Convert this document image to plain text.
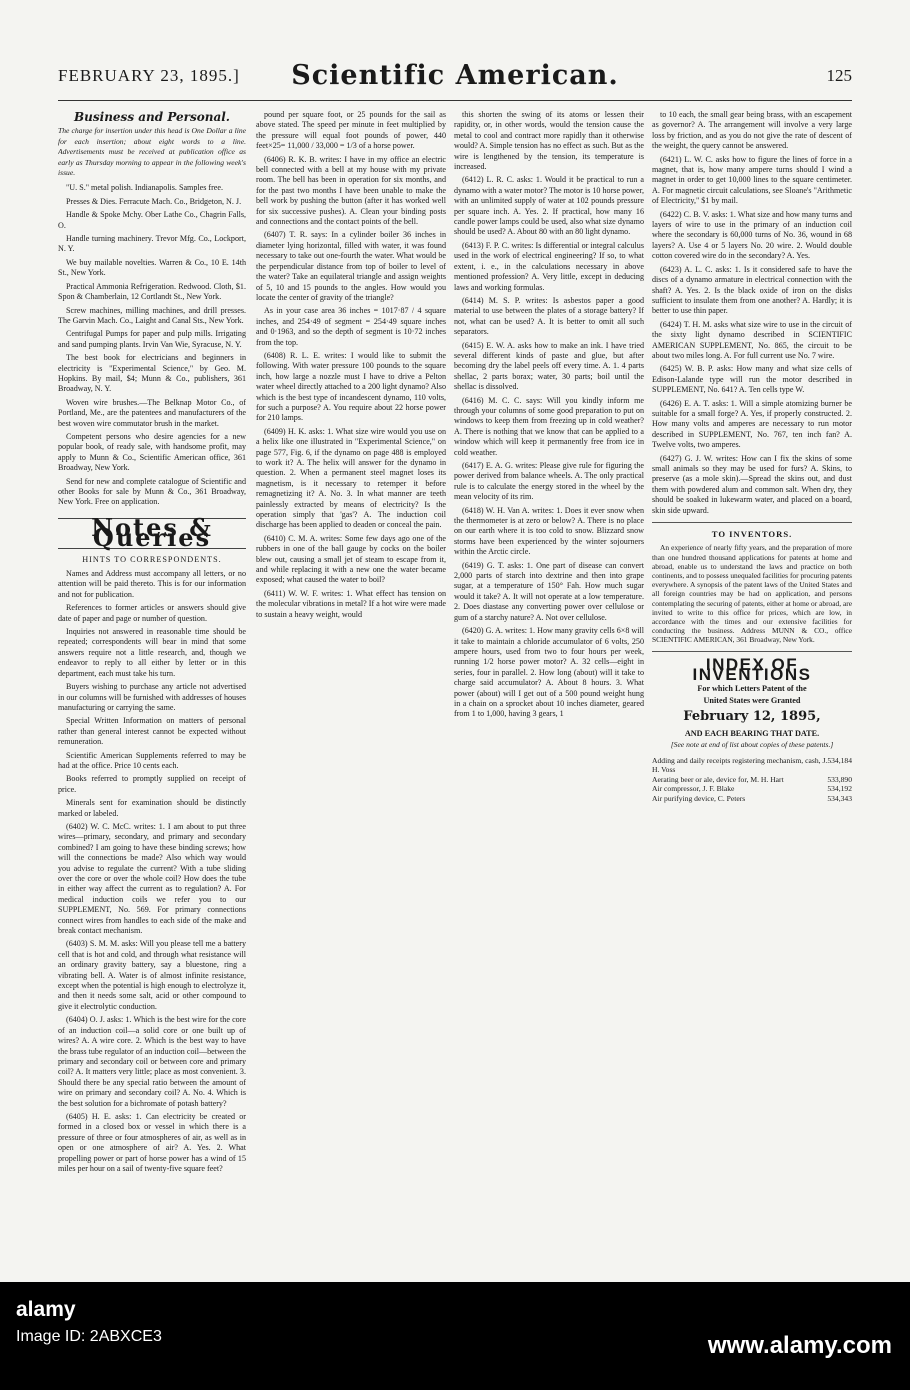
FEBRUARY 23, 1895.]	Scientific American.	125
Business and Personal.
The charge for insertion under this head is One Dollar a line for each insertion; about eight words to a line. Advertisements must be received at publication office as early as Thursday morning to appear in the following week's issue.

"U. S." metal polish. Indianapolis. Samples free.

Presses & Dies. Ferracute Mach. Co., Bridgeton, N. J.

Handle & Spoke Mchy. Ober Lathe Co., Chagrin Falls, O.

Handle turning machinery. Trevor Mfg. Co., Lockport, N. Y.

We buy mailable novelties. Warren & Co., 10 E. 14th St., New York.

Practical Ammonia Refrigeration. Redwood. Cloth, $1. Spon & Chamberlain, 12 Cortlandt St., New York.

Screw machines, milling machines, and drill presses. The Garvin Mach. Co., Laight and Canal Sts., New York.

Centrifugal Pumps for paper and pulp mills. Irrigating and sand pumping plants. Irvin Van Wie, Syracuse, N. Y.

The best book for electricians and beginners in electricity is "Experimental Science," by Geo. M. Hopkins. By mail, $4; Munn & Co., publishers, 361 Broadway, N. Y.

Woven wire brushes.—The Belknap Motor Co., of Portland, Me., are the patentees and manufacturers of the best woven wire commutator brush in the market.

Competent persons who desire agencies for a new popular book, of ready sale, with handsome profit, may apply to Munn & Co., Scientific American office, 361 Broadway, New York.

Send for new and complete catalogue of Scientific and other Books for sale by Munn & Co., 361 Broadway, New York. Free on application.

Notes & Queries
HINTS TO CORRESPONDENTS.

Names and Address must accompany all letters, or no attention will be paid thereto. This is for our information and not for publication.

References to former articles or answers should give date of paper and page or number of question.

Inquiries not answered in reasonable time should be repeated; correspondents will bear in mind that some answers require not a little research, and, though we endeavor to reply to all either by letter or in this department, each must take his turn.

Buyers wishing to purchase any article not advertised in our columns will be furnished with addresses of houses manufacturing or carrying the same.

Special Written Information on matters of personal rather than general interest cannot be expected without remuneration.

Scientific American Supplements referred to may be had at the office. Price 10 cents each.

Books referred to promptly supplied on receipt of price.

Minerals sent for examination should be distinctly marked or labeled.

(6402) W. C. McC. writes: 1. I am about to put three wires—primary, secondary, and primary and secondary combined? I am going to have these binding screws; how will the connections be made? Also which way would you advise to regulate the current? With a tube sliding over the core or over the whole coil? How does the tube in either way affect the current as to regulation? A. For medical induction coils we refer you to our SUPPLEMENT, No. 569. For primary connections connect wires from handles to each side of the make and break contact mechanism.

(6403) S. M. M. asks: Will you please tell me a battery cell that is hot and cold, and through what resistance will an ordinary gravity battery, say a bluestone, ring a vibrating bell. A. Water is of almost infinite resistance, except when the potential is high enough to electrolyze it, and then it needs some salt, acid or other compound to give it electrolytic conduction.

(6404) O. J. asks: 1. Which is the best wire for the core of an induction coil—a solid core or one built up of wires? A. A wire core. 2. Which is the best way to have the brass tube regulator of an induction coil—between the primary and secondary coil or between core and primary coil? A. It matters very little; place as most convenient. 3. Should there be any special ratio between the amount of wire on primary and secondary coil? A. No. 4. Which is the best solution for a bichromate of potash battery?

(6405) H. E. asks: 1. Can electricity be created or formed in a closed box or vessel in which there is a pressure of three or four atmospheres of air, as well as in open or one atmosphere of air? A. Yes. 2. What propelling power or part of horse power has a wind of 15 miles per hour on a sail of twenty-five square feet?

pound per square foot, or 25 pounds for the sail as above stated. The speed per minute in feet multiplied by the pressure will equal foot pounds of power, 440 feet×25= 11,000 / 33,000 = 1/3 of a horse power.

(6406) R. K. B. writes: I have in my office an electric bell connected with a bell at my house with my private room. The bell has been in operation for six months, and for the past two months I have been unable to make the bell work by pushing the button (after it has worked well for six successive pushes). A. Clean your binding posts and connections and the contact points of the bell.

(6407) T. R. says: In a cylinder boiler 36 inches in diameter lying horizontal, filled with water, it was found necessary to take out one-fourth the water. What would be the perpendicular distance from top of boiler to level of the water? Take an equilateral triangle and assign weights of 5, 10 and 15 pounds to the angles. How would you locate the center of gravity of the triangle?

As in your case area 36 inches = 1017·87 / 4 square inches, and 254·49 of segment = 254·49 square inches and 0·1963, and so the depth of segment is 10·72 inches from the top.

(6408) R. L. E. writes: I would like to submit the following. With water pressure 100 pounds to the square inch, how large a nozzle must I have to drive a Pelton water wheel directly attached to a 200 light dynamo? Also which is the best type of incandescent dynamo, 110 volts, for such a purpose? A. You require about 22 horse power for 210 lamps.

(6409) H. K. asks: 1. What size wire would you use on a helix like one illustrated in "Experimental Science," on page 577, Fig. 6, if the dynamo on page 488 is employed to work it? A. The helix will answer for the dynamo in question. 2. When a permanent steel magnet loses its magnetism, is it necessary to retemper it before remagnetizing it? A. No. 3. In what manner are teeth painlessly extracted by means of electricity? Is the operation simply that 'gas'? A. The induction coil discharge has been applied to deaden or conceal the pain.

(6410) C. M. A. writes: Some few days ago one of the rubbers in one of the ball gauge by cocks on the boiler blew out, causing a small jet of steam to escape from it, and while replacing it with a new one the water became exposed; what caused the water to boil?

(6411) W. W. F. writes: 1. What effect has tension on the molecular vibrations in metal? If a hot wire were made to sustain a heavy weight, would

this shorten the swing of its atoms or lessen their rapidity, or, in other words, would the tension cause the metal to cool and contract more rapidly than it otherwise would? A. Simple tension has no effect as such. But as the wire is lengthened by the tension, its temperature is increased.

(6412) L. R. C. asks: 1. Would it be practical to run a dynamo with a water motor? The motor is 10 horse power, with an unlimited supply of water at 102 pounds pressure per square inch. A. Yes. 2. If practical, how many 16 candle power lamps could be used, also what size dynamo should be used? A. About 80 with an 80 light dynamo.

(6413) F. P. C. writes: Is differential or integral calculus used in the work of electrical engineering? If so, to what extent, i. e., in the calculations necessary in above mentioned profession? A. Very little, except in deducing laws and working formulas.

(6414) M. S. P. writes: Is asbestos paper a good material to use between the plates of a storage battery? If not, what can be used? A. It is better to omit all such separators.

(6415) E. W. A. asks how to make an ink. I have tried several different kinds of paste and glue, but after becoming dry the label peels off every time. A. 1. 4 parts shellac, 2 parts borax; water, 30 parts; boil until the shellac is dissolved.

(6416) M. C. C. says: Will you kindly inform me through your columns of some good preparation to put on windows to keep them from freezing up in cold weather? A. There is nothing that we know that can be applied to a window which will keep it permanently free from ice in cold weather.

(6417) E. A. G. writes: Please give rule for figuring the power derived from balance wheels. A. The only practical rule is to calculate the energy stored in the wheel by the mean velocity of its rim.

(6418) W. H. Van A. writes: 1. Does it ever snow when the thermometer is at zero or below? A. There is no place on our earth where it is too cold to snow. Blizzard snow storms have been experienced by the winter sojourners within the Arctic circle.

(6419) G. T. asks: 1. One part of disease can convert 2,000 parts of starch into dextrine and then into grape sugar, at a temperature of 150° Fah. How much sugar would it take? A. It will not operate at a low temperature. 2. Does diastase any converting power over cellulose or gum of a starchy nature? A. Not over cellulose.

(6420) G. A. writes: 1. How many gravity cells 6×8 will it take to maintain a chloride accumulator of 6 volts, 250 ampere hours, used from two to four hours per week, running 1/2 horse power motor? A. 32 cells—eight in series, four in parallel. 2. How long (about) will it take to charge said accumulator? A. About 8 hours. 3. What power (about) will I get out of a 500 pound weight hung in a chain on a sprocket about 10 inches diameter, geared from 1 to 1,000, having 3 gears, 1

to 10 each, the small gear being brass, with an escapement as governor? A. The arrangement will involve a very large loss by friction, and as you do not give the rate of descent of the weight, the query cannot be answered.

(6421) L. W. C. asks how to figure the lines of force in a magnet, that is, how many ampere turns should I wind a magnet in order to get 10,000 lines to the square centimeter. A. For magnetic circuit calculations, see Sloane's "Arithmetic of Electricity," $1 by mail.

(6422) C. B. V. asks: 1. What size and how many turns and layers of wire to use in the primary of an induction coil where the secondary is 60,000 turns of No. 36, wound in 68 layers? A. Use 4 or 5 layers No. 20 wire. 2. Would double cotton covered wire do in the secondary? A. Yes.

(6423) A. L. C. asks: 1. Is it considered safe to have the discs of a dynamo armature in electrical connection with the shaft? A. Yes. 2. Is the black oxide of iron on the disks sufficient to insulate them from one another? A. Hardly; it is better to use thin paper.

(6424) T. H. M. asks what size wire to use in the circuit of the sixty light dynamo described in SCIENTIFIC AMERICAN SUPPLEMENT, No. 865, the circuit to be about two miles long. A. For full current use No. 7 wire.

(6425) W. B. P. asks: How many and what size cells of Edison-Lalande type will run the motor described in SUPPLEMENT, No. 641? A. Ten cells type W.

(6426) E. A. T. asks: 1. Will a simple atomizing burner be suitable for a small forge? A. Yes, if properly constructed. 2. How many volts and amperes are necessary to run motor described in SUPPLEMENT, No. 767, ten inch fan? A. Twelve volts, two amperes.

(6427) G. J. W. writes: How can I fix the skins of some small animals so they may be used for furs? A. Skins, to preserve (as a mole skin).—Spread the skins out, and dust them with powdered alum and common salt. When dry, they should be soaked in lukewarm water, and placed on a board, skin side upward.

TO INVENTORS.

An experience of nearly fifty years, and the preparation of more than one hundred thousand applications for patents at home and abroad, enable us to understand the laws and practice on both continents, and to possess unequaled facilities for procuring patents everywhere. A synopsis of the patent laws of the United States and all foreign countries may be had on application, and persons contemplating the securing of patents, either at home or abroad, are invited to write to this office for prices, which are low, in accordance with the times and our extensive facilities for conducting the business. Address MUNN & CO., office SCIENTIFIC AMERICAN, 361 Broadway, New York.

INDEX OF INVENTIONS
For which Letters Patent of the
United States were Granted
February 12, 1895,
AND EACH BEARING THAT DATE.
[See note at end of list about copies of these patents.]
Adding and daily receipts registering mechanism, cash, J. H. Voss
534,184
Aerating beer or ale, device for, M. H. Hart	533,890
Air compressor, J. F. Blake	534,192
Air purifying device, C. Peters	534,343
alamy
Image ID: 2ABXCE3	www.alamy.com
